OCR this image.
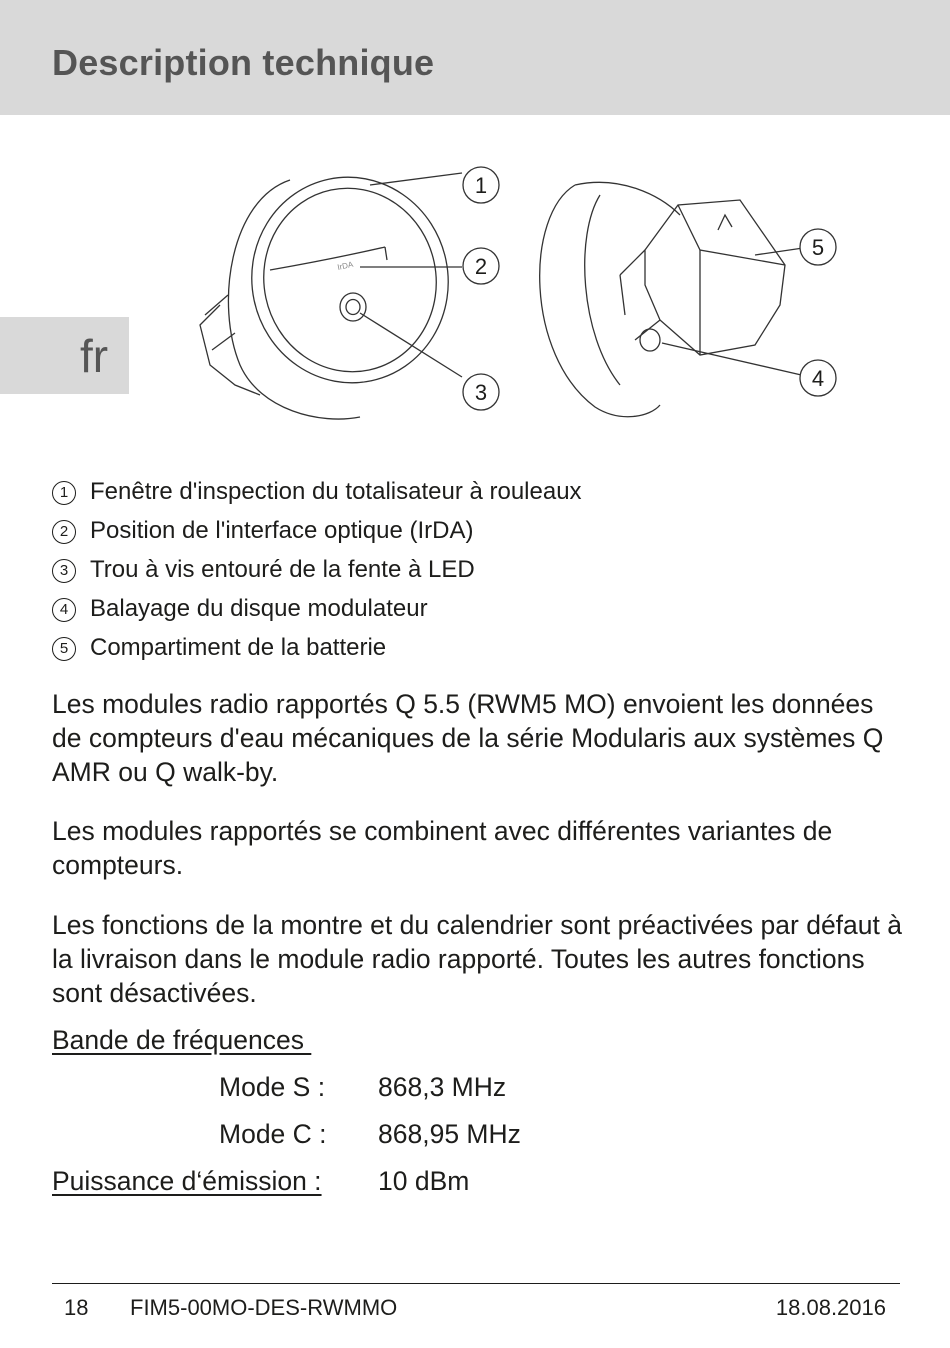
Description technique
fr
IrDA
1
2
3
4
5
1 Fenêtre d'inspection du totalisateur à rouleaux
2 Position de l'interface optique (IrDA)
3 Trou à vis entouré de la fente à LED
4 Balayage du disque modulateur
5 Compartiment de la batterie

Les modules radio rapportés Q 5.5 (RWM5 MO) envoient les données de compteurs d'eau mécaniques de la série Modularis aux systèmes Q AMR ou Q walk-by.

Les modules rapportés se combinent avec différentes variantes de compteurs.

Les fonctions de la montre et du calendrier sont préactivées par défaut à la livraison dans le module radio rapporté. Toutes les autres fonctions sont désactivées.

Bande de fréquences
Mode S : 868,3 MHz
Mode C : 868,95 MHz
Puissance d‘émission : 10 dBm
18 FIM5-00MO-DES-RWMMO	18.08.2016
